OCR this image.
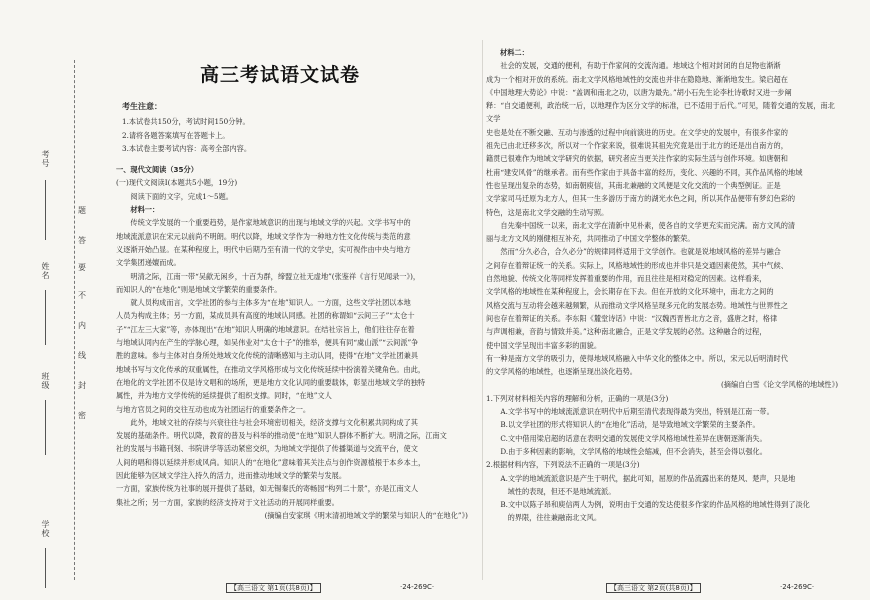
考号
姓名
班级
学校
题
答
要
不
内
线
封
密
高三考试语文试卷

考生注意：

1.本试卷共150分，考试时间150分钟。

2.请将各题答案填写在答题卡上。

3.本试卷主要考试内容：高考全部内容。

一、现代文阅读（35分）

(一)现代文阅读Ⅰ(本题共5小题，19分)

阅读下面的文字，完成1～5题。

材料一：

传统文学发展的一个重要趋势，是作家地域意识的出现与地域文学的兴起。文学书写中的

地域流派意识在宋元以前尚不明朗。明代以降，地域文学作为一种地方性文化传统与类范的意

义逐渐开始凸显。在某种程度上，明代中后期乃至有清一代的文学史，实可视作由中央与地方

文学集团递嬗而成。

明清之际，江南一带“吴歈无闲乡，十百为群，缔盟立社无虚地”(张鉴祥《言行见闻录一》)，

而知识人的“在地化”则是地域文学繁荣的重要条件。

就人员构成而言，文学社团的参与主体多为“在地”知识人。一方面，这些文学社团以本地

人员为构成主体；另一方面，某成员具有高度的地域认同感。社团的称谓如“云间三子”“太仓十

子”“江左三大家”等，亦体现出“在地”知识人明确的地域意识。在结社宗旨上，他们往往存在着

与地域认同内在产生的学脉心理，如吴伟业对“太仓十子”的推举，便具有同“虞山派”“云间派”争

胜的意味。参与主体对自身所处地域文化传统的清晰感知与主动认同，使得“在地”文学社团兼具

地域书写与文化传承的双重属性，在推动文学风格形成与文化传统延续中扮演着关键角色。由此，

在地化的文学社团不仅是诗文唱和的场所，更是地方文化认同的重要载体，彰显出地域文学的独特

属性，并为地方文学传统的延续提供了组织支撑。同时，“在地”文人

与地方官员之间的交往互动也成为社团运行的重要条件之一。

此外，地域文社的存续与兴衰往往与社会环境密切相关，经济支撑与文化积累共同构成了其

发展的基础条件。明代以降，教育的普及与科举的推动使“在地”知识人群体不断扩大。明清之际，江南文

社的发展与书籍刊刻、书院讲学等活动紧密交织，为地域文学提供了传播渠道与交流平台，使文

人间的唱和得以延续并形成风尚。知识人的“在地化”意味着其关注点与创作资源植根于本乡本土，

因此能够为区域文学注入持久的活力，进而推动地域文学的繁荣与发展。

一方面，家族传统为社事的展开提供了基础，如无锡秦氏的寄畅园“构列二十景”，亦是江南文人

集社之所；另一方面，家族的经济支持对于文社活动的开展同样重要。

(摘编自安家琪《明末清初地域文学的繁荣与知识人的“在地化”》)

【高三语文 第1页(共8页)】	·24-269C·

材料二：

社会的发展，交通的便利，有助于作家间的交流沟通。地域这个相对封闭的自足物也渐渐

成为一个相对开放的系统。南北文学风格地域性的交流也并非在隐隐地、渐渐地发生。梁启超在

《中国地理大势论》中说：“盖调和南北之功，以唐为最先。”胡小石先生论李杜诗歌时又进一步阐

释：“自交通便利，政治统一后，以地理作为区分文学的标准，已不适用于后代。”可见，随着交通的发展，南北文学

史也是处在不断交融、互动与渗透的过程中向前演进的历史。在文学史的发展中，有很多作家的

祖先已由北迁移多次，所以对一个作家来说，很难说其祖先究竟是出于北方的还是出自南方的，

籍贯已很难作为地域文学研究的依据，研究者应当更关注作家的实际生活与创作环境。如唐朝和

杜甫“建安风骨”的继承者。而有些作家由于具备丰富的经历，变化、兴趣的不同，其作品风格的地域

性也呈现出复杂的态势，如南朝庾信，其南北兼融的文风便是文化交流的一个典型例证。正是

文学家司马迁原为北方人，但其一生多游历于南方的湖光水色之间，所以其作品便带有梦幻色彩的

特色，这是南北文学交融的生动写照。

自先秦中国统一以来，南北文学在清新中见朴素，使各自的文学更充实而完满。南方文风的清

丽与北方文风的刚健相互补充，共同推动了中国文学整体的繁荣。

然而“分久必合，合久必分”的规律同样适用于文学创作。也就是说地域风格的差异与融合

之间存在着辩证统一的关系。实际上，风格地域性的形成也并非只是交通因素使然，其中气候、

自然地貌、传统文化等同样发挥着重要的作用，而且往往是相对稳定的因素。这样看来，

文学风格的地域性在某种程度上，会长期存在下去。但在开放的文化环境中，南北方之间的

风格交流与互动将会越来越频繁，从而推动文学风格呈现多元化的发展态势。地域性与世界性之

间也存在着辩证的关系。李东阳《麓堂诗话》中说：“汉魏西晋皆北方之音，盛唐之时，格律

与声调相兼，音韵与情致并美。”这种南北融合，正是文学发展的必然。这种融合的过程，

使中国文学呈现出丰富多彩的面貌。

有一种是南方文学的吸引力，使得地域风格融入中华文化的整体之中。所以，宋元以后明清时代

的文学风格的地域性，也逐渐呈现出淡化趋势。

(摘编自白雪《论文学风格的地域性》)

1.下列对材料相关内容的理解和分析，正确的一项是(3分)

A.文学书写中的地域流派意识在明代中后期至清代表现得最为突出，特别是江南一带。

B.以文学社团的形式将知识人的“在地化”活动，是导致地域文学繁荣的主要条件。

C.文中借用梁启超的话意在表明交通的发展使文学风格地域性差异在唐朝逐渐消失。

D.由于多种因素的影响，文学风格的地域性会缩减，但不会消失，甚至会得以强化。

2.根据材料内容，下列说法不正确的一项是(3分)

A.文学的地域流派意识是产生于明代，据此可知，屈原的作品流露出来的楚风、楚声，只是地

域性的表现，但还不是地域流派。

B.文中以陈子昂和庾信两人为例，说明由于交通的发达使很多作家的作品风格的地域性得到了淡化

的界限，往往兼融南北文风。

【高三语文 第2页(共8页)】	·24-269C·
